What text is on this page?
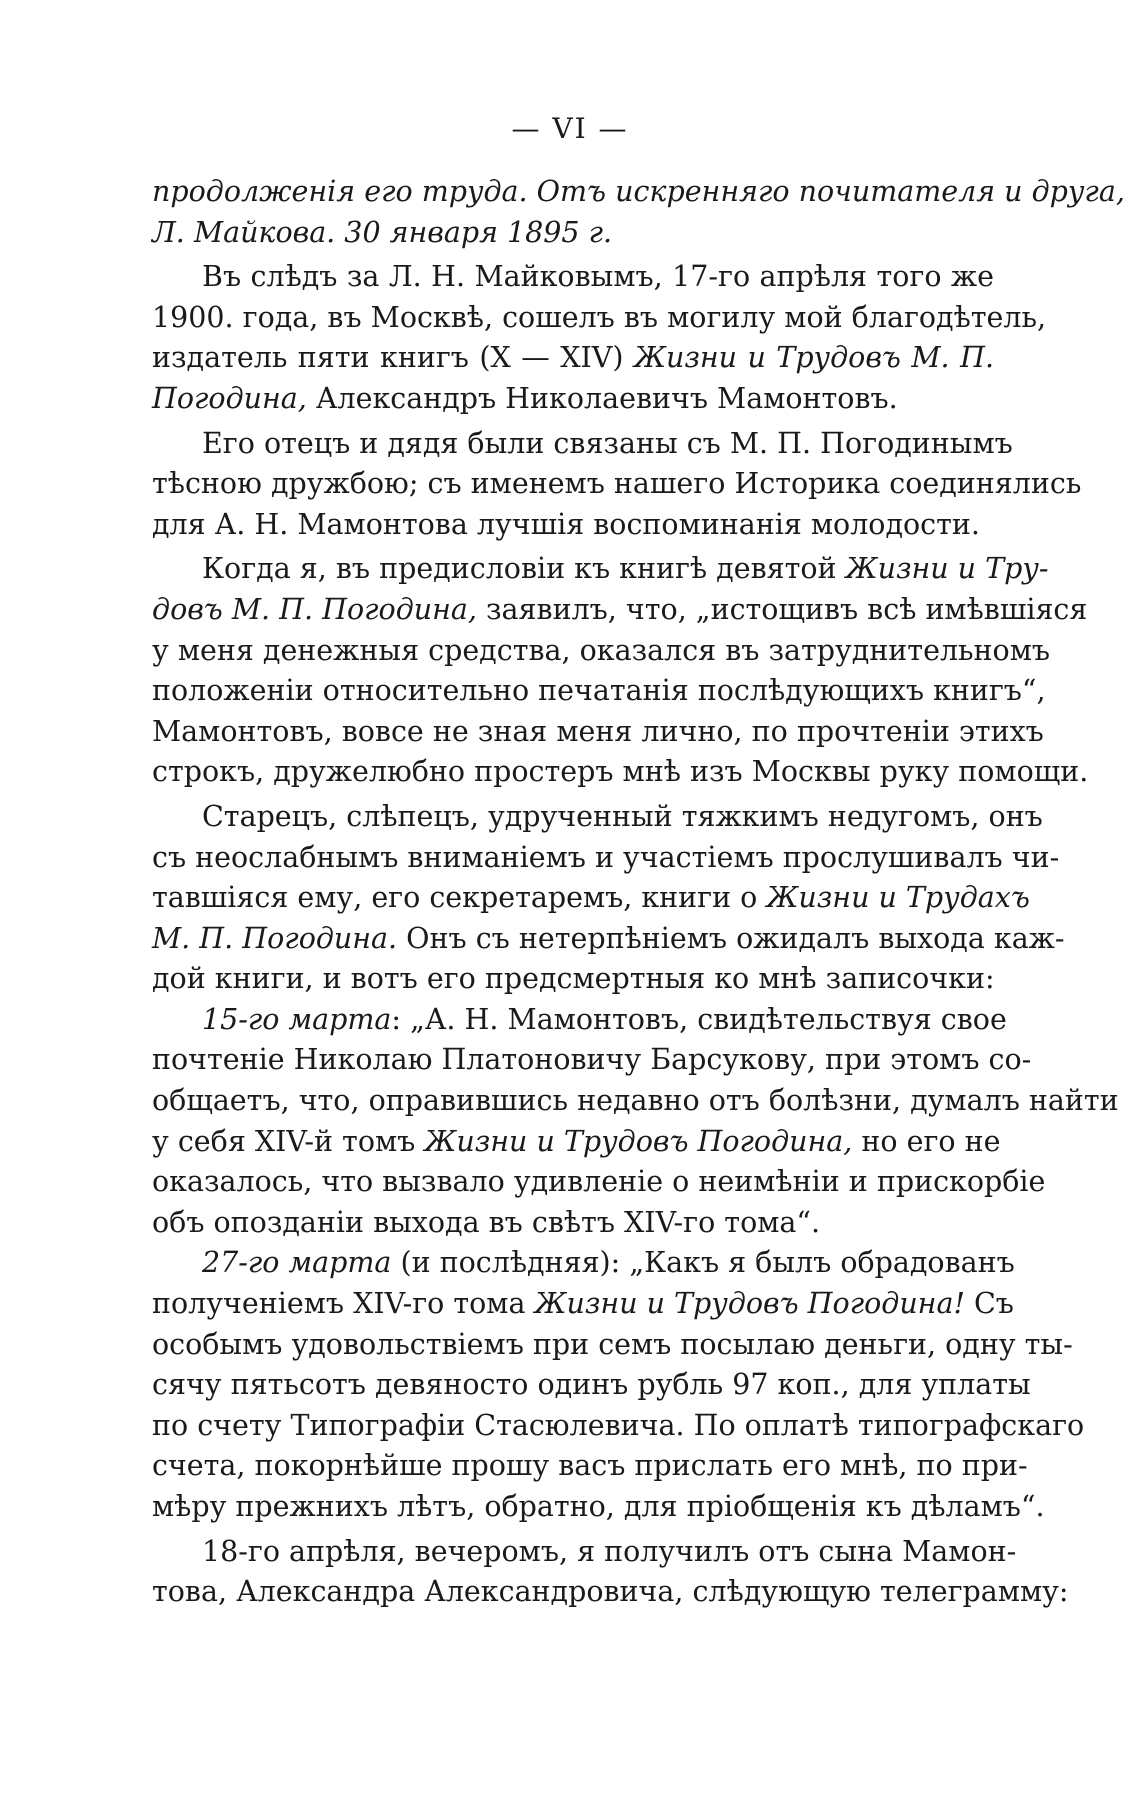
— VI —
продолженія его труда. Отъ искренняго почитателя и друга,
Л. Майкова. 30 января 1895 г.
Въ слѣдъ за Л. Н. Майковымъ, 17-го апрѣля того же
1900. года, въ Москвѣ, сошелъ въ могилу мой благодѣтель,
издатель пяти книгъ (X — XIV) Жизни и Трудовъ М. П.
Погодина, Александръ Николаевичъ Мамонтовъ.
Его отецъ и дядя были связаны съ М. П. Погодинымъ
тѣсною дружбою; съ именемъ нашего Историка соединялись
для А. Н. Мамонтова лучшія воспоминанія молодости.
Когда я, въ предисловіи къ книгѣ девятой Жизни и Тру-
довъ М. П. Погодина, заявилъ, что, „истощивъ всѣ имѣвшіяся
у меня денежныя средства, оказался въ затруднительномъ
положеніи относительно печатанія послѣдующихъ книгъ“,
Мамонтовъ, вовсе не зная меня лично, по прочтеніи этихъ
строкъ, дружелюбно простеръ мнѣ изъ Москвы руку помощи.
Старецъ, слѣпецъ, удрученный тяжкимъ недугомъ, онъ
съ неослабнымъ вниманіемъ и участіемъ прослушивалъ чи-
тавшіяся ему, его секретаремъ, книги о Жизни и Трудахъ
М. П. Погодина. Онъ съ нетерпѣніемъ ожидалъ выхода каж-
дой книги, и вотъ его предсмертныя ко мнѣ записочки:
15-го марта: „А. Н. Мамонтовъ, свидѣтельствуя свое
почтеніе Николаю Платоновичу Барсукову, при этомъ со-
общаетъ, что, оправившись недавно отъ болѣзни, думалъ найти
у себя XIV-й томъ Жизни и Трудовъ Погодина, но его не
оказалось, что вызвало удивленіе о неимѣніи и прискорбіе
объ опозданіи выхода въ свѣтъ XIV-го тома“.
27-го марта (и послѣдняя): „Какъ я былъ обрадованъ
полученіемъ XIV-го тома Жизни и Трудовъ Погодина! Съ
особымъ удовольствіемъ при семъ посылаю деньги, одну ты-
сячу пятьсотъ девяносто одинъ рубль 97 коп., для уплаты
по счету Типографіи Стасюлевича. По оплатѣ типографскаго
счета, покорнѣйше прошу васъ прислать его мнѣ, по при-
мѣру прежнихъ лѣтъ, обратно, для пріобщенія къ дѣламъ“.
18-го апрѣля, вечеромъ, я получилъ отъ сына Мамон-
това, Александра Александровича, слѣдующую телеграмму:
